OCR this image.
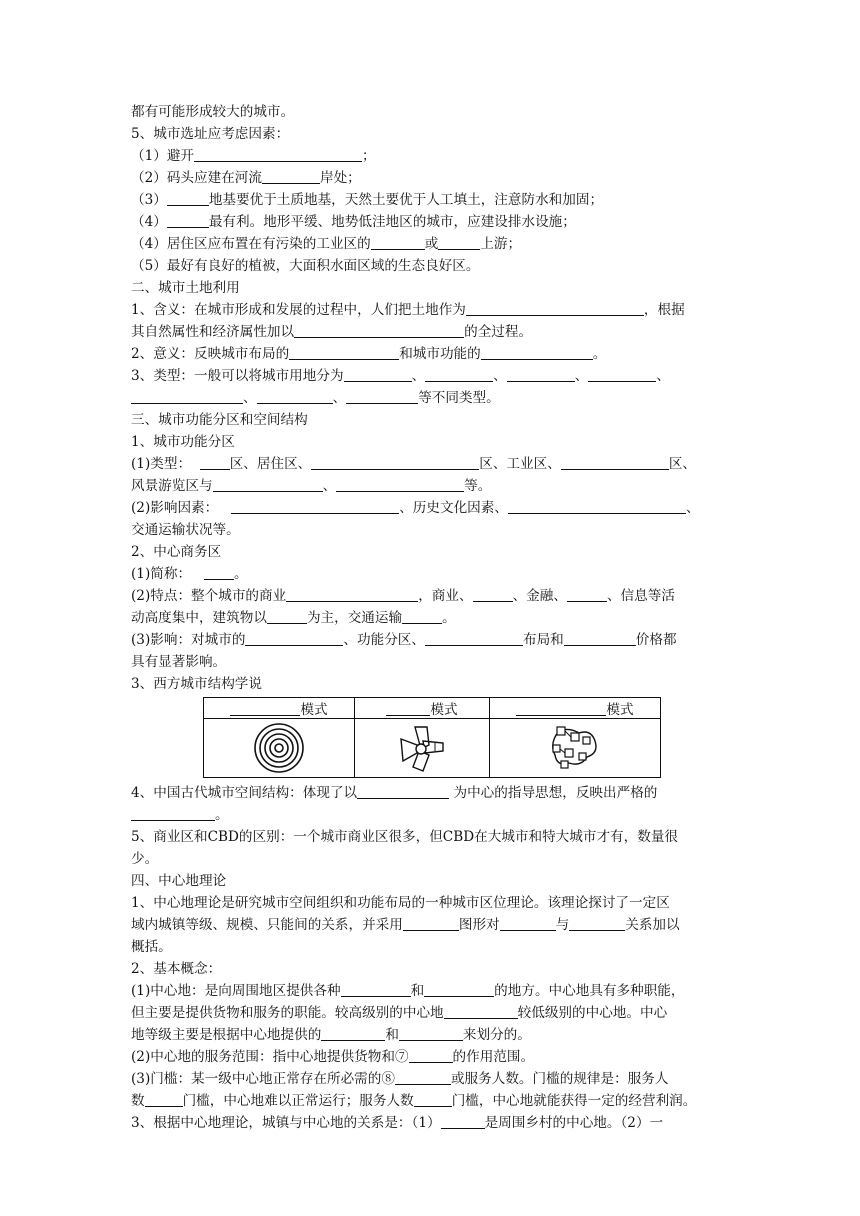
都有可能形成较大的城市。
5、城市选址应考虑因素：
（1）避开	；
（2）码头应建在河流	岸处；
（3）	地基要优于土质地基，天然土要优于人工填土，注意防水和加固；
（4）	最有利。地形平缓、地势低洼地区的城市，应建设排水设施；
（4）居住区应布置在有污染的工业区的	或	上游；
（5）最好有良好的植被，大面积水面区域的生态良好区。
二、城市土地利用
1、含义：在城市形成和发展的过程中，人们把土地作为	，根据
其自然属性和经济属性加以	的全过程。
2、意义：反映城市布局的	和城市功能的	。
3、类型：一般可以将城市用地分为	、	、	、	、
、	、	等不同类型。
三、城市功能分区和空间结构
1、城市功能分区
(1)类型：	区、居住区、	区、工业区、	区、
风景游览区与	、	等。
(2)影响因素：	、历史文化因素、	、
交通运输状况等。
2、中心商务区
(1)简称：	。
(2)特点：整个城市的商业	，商业、	、金融、	、信息等活
动高度集中，建筑物以	为主，交通运输	。
(3)影响：对城市的	、功能分区、	布局和	价格都
具有显著影响。
3、西方城市结构学说
模式	模式	模式

4、中国古代城市空间结构：体现了以	为中心的指导思想，反映出严格的
。
5、商业区和CBD的区别：一个城市商业区很多，但CBD在大城市和特大城市才有，数量很
少。
四、中心地理论
1、中心地理论是研究城市空间组织和功能布局的一种城市区位理论。该理论探讨了一定区
域内城镇等级、规模、只能间的关系，并采用	图形对	与	关系加以
概括。
2、基本概念：
(1)中心地：是向周围地区提供各种	和	的地方。中心地具有多种职能，
但主要是提供货物和服务的职能。较高级别的中心地	较低级别的中心地。中心
地等级主要是根据中心地提供的	和	来划分的。
(2)中心地的服务范围：指中心地提供货物和⑦	的作用范围。
(3)门槛：某一级中心地正常存在所必需的⑧	或服务人数。门槛的规律是：服务人
数	门槛，中心地难以正常运行；服务人数	门槛，中心地就能获得一定的经营利润。
3、根据中心地理论，城镇与中心地的关系是：（1）	是周围乡村的中心地。（2）一
